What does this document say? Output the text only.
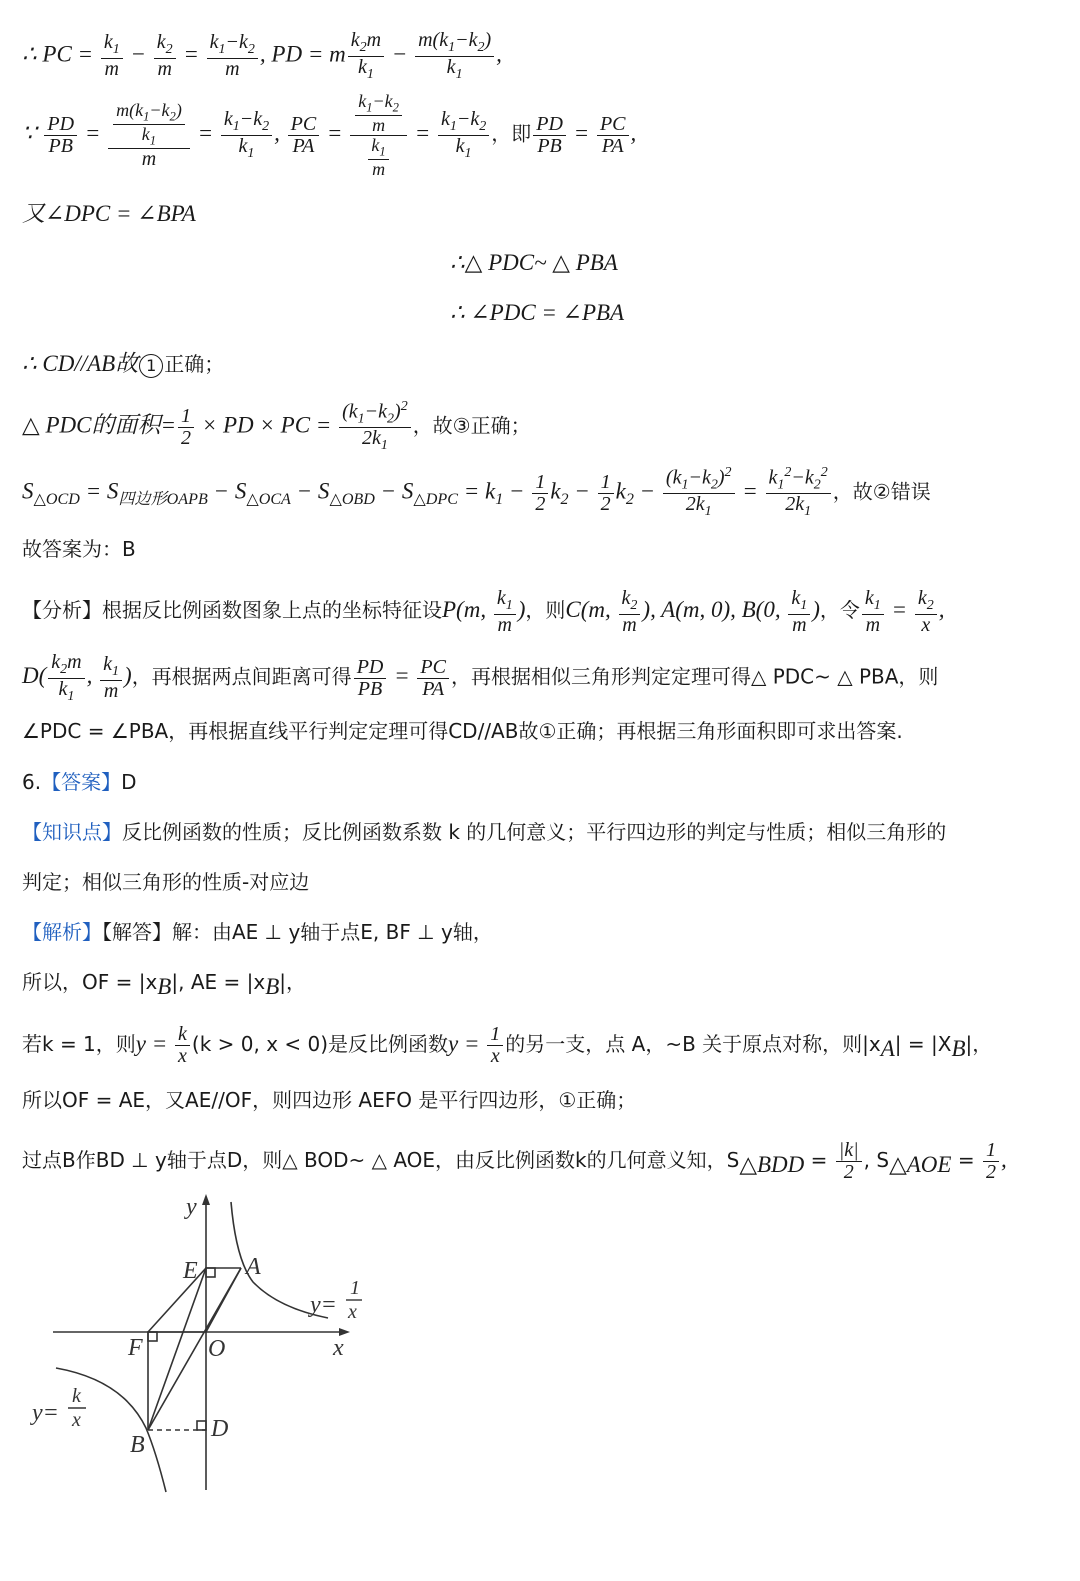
∴ PC = $\frac{k_1}{m} - \frac{k_2}{m} = \frac{k_1-k_2}{m}$ , PD = m $\frac{k_2m}{k_1} - \frac{m(k_1-k_2)}{k_1}$ ,
∵ $\frac{PD}{PB} = \frac{\frac{m(k_1-k_2)}{k_1}}{m} = \frac{k_1-k_2}{k_1}$ , $\frac{PC}{PA} = \frac{\frac{k_1-k_2}{m}}{\frac{k_1}{m}} = \frac{k_1-k_2}{k_1}$ ，即 $\frac{PD}{PB} = \frac{PC}{PA}$ ,
又∠DPC = ∠BPA
∴△ PDC~ △ PBA
∴ ∠PDC = ∠PBA
∴ CD//AB故 1 正确；
△ PDC的面积= $\frac{1}{2}$ × PD × PC = $\frac{(k_1-k_2)^2}{2k_1}$ ，故③正确；
$S_{\triangle OCD} = S_{四边形OAPB} - S_{\triangle OCA} - S_{\triangle OBD} - S_{\triangle DPC} = k_1 - \frac{1}{2} k_2 - \frac{1}{2} k_2 - \frac{(k_1-k_2)^2}{2k_1} = \frac{k_1^2-k_2^2}{2k_1}$ ，故②错误
故答案为：B
【分析】根据反比例函数图象上点的坐标特征设P(m, $\frac{k_1}{m}$ )，则C(m, $\frac{k_2}{m}$ ), A(m, 0), B(0, $\frac{k_1}{m}$ )，令 $\frac{k_1}{m} = \frac{k_2}{x}$ ,
$D( \frac{k_2m}{k_1}$ , $\frac{k_1}{m}$ )，再根据两点间距离可得 $\frac{PD}{PB} = \frac{PC}{PA}$ ，再根据相似三角形判定定理可得△ PDC~ △ PBA，则
∠PDC = ∠PBA，再根据直线平行判定定理可得CD//AB故①正确；再根据三角形面积即可求出答案.
6.【答案】D
【知识点】反比例函数的性质；反比例函数系数 k 的几何意义；平行四边形的判定与性质；相似三角形的
判定；相似三角形的性质-对应边
【解析】【解答】解：由AE ⊥ y轴于点E, BF ⊥ y轴，
所以，OF = $|x_B|$, AE = $|x_B|$，
若k = 1，则$y = \frac{k}{x} (k > 0$, x < 0)是反比例函数$y = \frac{1}{x}$ 的另一支，点 A，~B 关于原点对称，则$|x_A| = |X_B|$，
所以OF = AE，又AE//OF，则四边形 AEFO 是平行四边形，①正确；
过点B作BD ⊥ y轴于点D，则△ BOD~ △ AOE，由反比例函数k的几何意义知，$S_{\triangle BDD} = \frac{|k|}{2}$ , $S_{\triangle AOE} = \frac{1}{2}$ ,
y
x
E A
F	O
B
D
y=
1
x
y=
k
x
